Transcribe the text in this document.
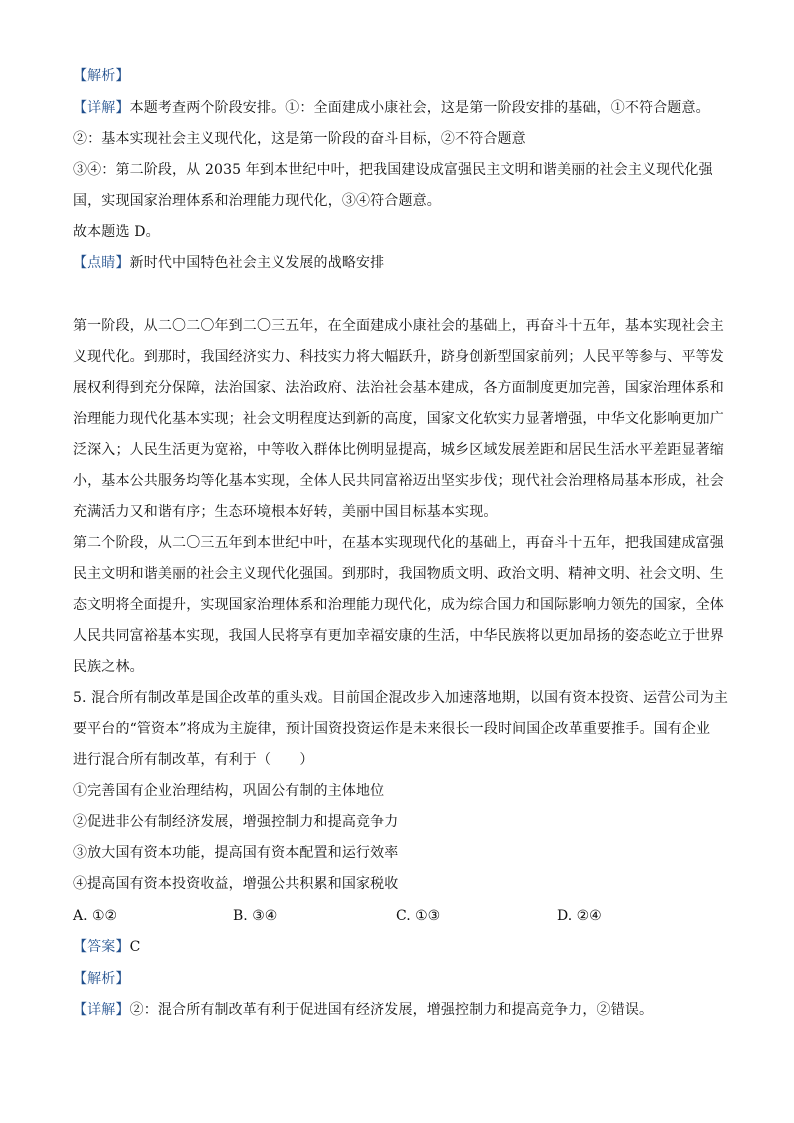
【解析】
【详解】本题考查两个阶段安排。①：全面建成小康社会，这是第一阶段安排的基础，①不符合题意。
②：基本实现社会主义现代化，这是第一阶段的奋斗目标，②不符合题意
③④：第二阶段，从 2035 年到本世纪中叶，把我国建设成富强民主文明和谐美丽的社会主义现代化强
国，实现国家治理体系和治理能力现代化，③④符合题意。
故本题选 D。
【点睛】新时代中国特色社会主义发展的战略安排
第一阶段，从二〇二〇年到二〇三五年，在全面建成小康社会的基础上，再奋斗十五年，基本实现社会主
义现代化。到那时，我国经济实力、科技实力将大幅跃升，跻身创新型国家前列；人民平等参与、平等发
展权利得到充分保障，法治国家、法治政府、法治社会基本建成，各方面制度更加完善，国家治理体系和
治理能力现代化基本实现；社会文明程度达到新的高度，国家文化软实力显著增强，中华文化影响更加广
泛深入；人民生活更为宽裕，中等收入群体比例明显提高，城乡区域发展差距和居民生活水平差距显著缩
小，基本公共服务均等化基本实现，全体人民共同富裕迈出坚实步伐；现代社会治理格局基本形成，社会
充满活力又和谐有序；生态环境根本好转，美丽中国目标基本实现。
第二个阶段，从二〇三五年到本世纪中叶，在基本实现现代化的基础上，再奋斗十五年，把我国建成富强
民主文明和谐美丽的社会主义现代化强国。到那时，我国物质文明、政治文明、精神文明、社会文明、生
态文明将全面提升，实现国家治理体系和治理能力现代化，成为综合国力和国际影响力领先的国家，全体
人民共同富裕基本实现，我国人民将享有更加幸福安康的生活，中华民族将以更加昂扬的姿态屹立于世界
民族之林。
5. 混合所有制改革是国企改革的重头戏。目前国企混改步入加速落地期，以国有资本投资、运营公司为主
要平台的“管资本”将成为主旋律，预计国资投资运作是未来很长一段时间国企改革重要推手。国有企业
进行混合所有制改革，有利于（　　）
①完善国有企业治理结构，巩固公有制的主体地位
②促进非公有制经济发展，增强控制力和提高竞争力
③放大国有资本功能，提高国有资本配置和运行效率
④提高国有资本投资收益，增强公共积累和国家税收
A. ①②	B. ③④	C. ①③	D. ②④
【答案】C
【解析】
【详解】②：混合所有制改革有利于促进国有经济发展，增强控制力和提高竞争力，②错误。
